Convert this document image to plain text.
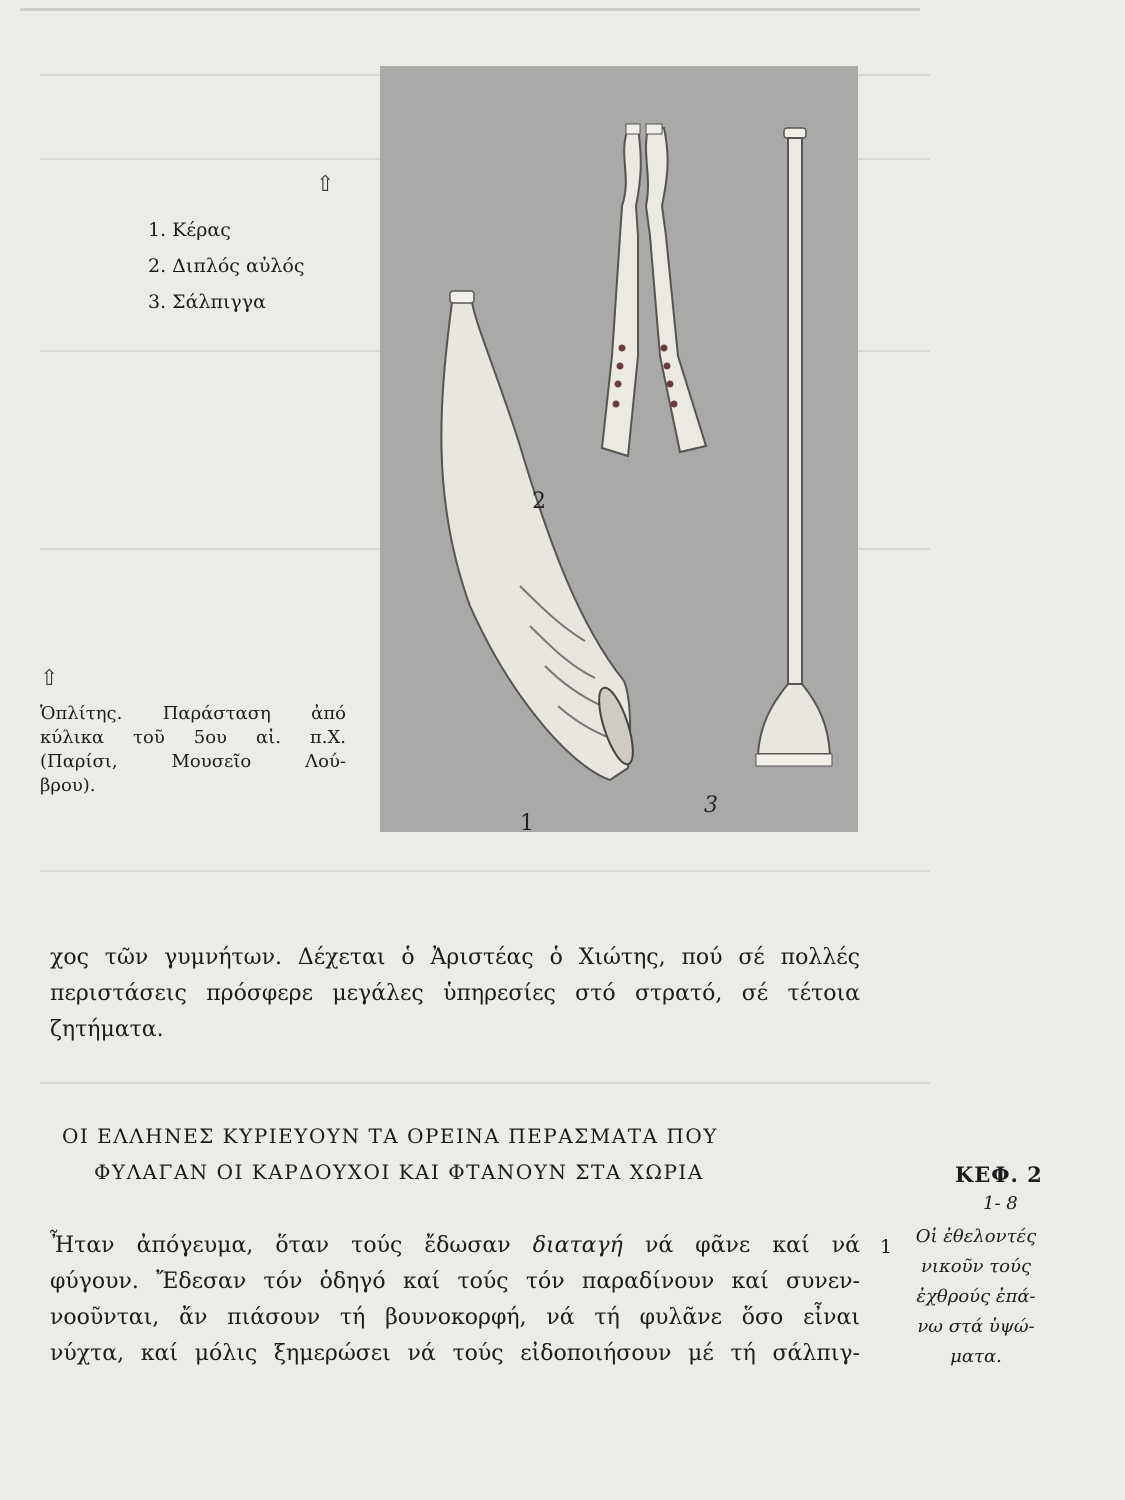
⇧
1. Κέρας
2. Διπλός αὐλός
3. Σάλπιγγα
1
2
3
⇧
Ὁπλίτης. Παράσταση ἀπό
κύλικα τοῦ 5ου αἰ. π.Χ.
(Παρίσι, Μουσεῖο Λού-
βρου).
χος τῶν γυμνήτων. Δέχεται ὁ Ἀριστέας ὁ Χιώτης, πού σέ πολλές
περιστάσεις πρόσφερε μεγάλες ὑπηρεσίες στό στρατό, σέ τέτοια
ζητήματα.
ΟΙ ΕΛΛΗΝΕΣ ΚΥΡΙΕΥΟΥΝ ΤΑ ΟΡΕΙΝΑ ΠΕΡΑΣΜΑΤΑ ΠΟΥ
ΦΥΛΑΓΑΝ ΟΙ ΚΑΡΔΟΥΧΟΙ ΚΑΙ ΦΤΑΝΟΥΝ ΣΤΑ ΧΩΡΙΑ	ΚΕΦ. 2
1- 8
1	Οἱ ἐθελοντές
νικοῦν τούς
ἐχθρούς ἐπά-
νω στά ὑψώ-
ματα.
Ἦταν ἀπόγευμα, ὅταν τούς ἔδωσαν διαταγή νά φᾶνε καί νά
φύγουν. Ἔδεσαν τόν ὁδηγό καί τούς τόν παραδίνουν καί συνεν-
νοοῦνται, ἄν πιάσουν τή βουνοκορφή, νά τή φυλᾶνε ὅσο εἶναι
νύχτα, καί μόλις ξημερώσει νά τούς εἰδοποιήσουν μέ τή σάλπιγ-
